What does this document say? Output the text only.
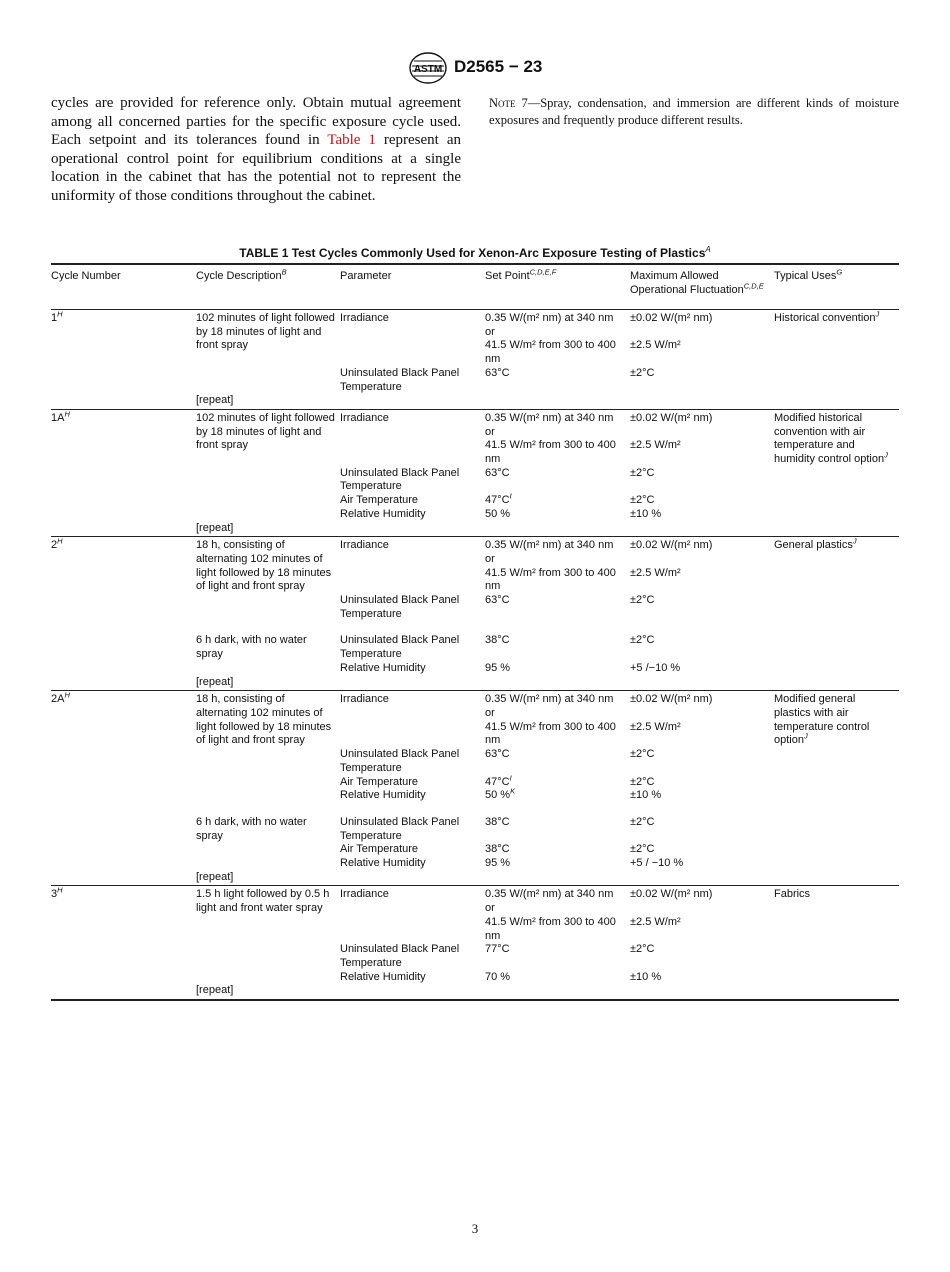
ASTM D2565 − 23
cycles are provided for reference only. Obtain mutual agreement among all concerned parties for the specific exposure cycle used. Each setpoint and its tolerances found in Table 1 represent an operational control point for equilibrium conditions at a single location in the cabinet that has the potential not to represent the uniformity of those conditions throughout the cabinet.
Note 7—Spray, condensation, and immersion are different kinds of moisture exposures and frequently produce different results.
TABLE 1 Test Cycles Commonly Used for Xenon-Arc Exposure Testing of Plastics$^A$
Cycle Number	Cycle Description$^B$	Parameter	Set Point$^{C,D,E,F}$	Maximum Allowed Operational Fluctuation$^{C,D,E}$	Typical Uses$^G$
$1^H$	102 minutes of light followed by 18 minutes of light and front spray	Irradiance	0.35 W/(m² nm) at 340 nm or	±0.02 W/(m² nm)	Historical convention$^J$
			41.5 W/m² from 300 to 400 nm	±2.5 W/m²	
		Uninsulated Black Panel Temperature	63°C	±2°C	
	[repeat]				
$1A^H$	102 minutes of light followed by 18 minutes of light and front spray	Irradiance	0.35 W/(m² nm) at 340 nm or	±0.02 W/(m² nm)	Modified historical convention with air temperature and humidity control option$^J$
			41.5 W/m² from 300 to 400 nm	±2.5 W/m²	
		Uninsulated Black Panel Temperature	63°C	±2°C	
		Air Temperature	$47^\circ C^I$	±2°C	
		Relative Humidity	50 %	±10 %	
	[repeat]				
$2^H$	18 h, consisting of alternating 102 minutes of light followed by 18 minutes of light and front spray	Irradiance	0.35 W/(m² nm) at 340 nm or	±0.02 W/(m² nm)	General plastics$^J$
			41.5 W/m² from 300 to 400 nm	±2.5 W/m²	
		Uninsulated Black Panel Temperature	63°C	±2°C	
	6 h dark, with no water spray	Uninsulated Black Panel Temperature	38°C	±2°C	
		Relative Humidity	95 %	+5 /−10 %	
	[repeat]				
$2A^H$	18 h, consisting of alternating 102 minutes of light followed by 18 minutes of light and front spray	Irradiance	0.35 W/(m² nm) at 340 nm or	±0.02 W/(m² nm)	Modified general plastics with air temperature control option$^J$
			41.5 W/m² from 300 to 400 nm	±2.5 W/m²	
		Uninsulated Black Panel Temperature	63°C	±2°C	
		Air Temperature	$47^\circ C^I$	±2°C	
		Relative Humidity	50 %$^K$	±10 %	
	6 h dark, with no water spray	Uninsulated Black Panel Temperature	38°C	±2°C	
		Air Temperature	38°C	±2°C	
		Relative Humidity	95 %	+5 / −10 %	
	[repeat]				
$3^H$	1.5 h light followed by 0.5 h light and front water spray	Irradiance	0.35 W/(m² nm) at 340 nm or	±0.02 W/(m² nm)	Fabrics
			41.5 W/m² from 300 to 400 nm	±2.5 W/m²	
		Uninsulated Black Panel Temperature	77°C	±2°C	
		Relative Humidity	70 %	±10 %	
	[repeat]				
3
